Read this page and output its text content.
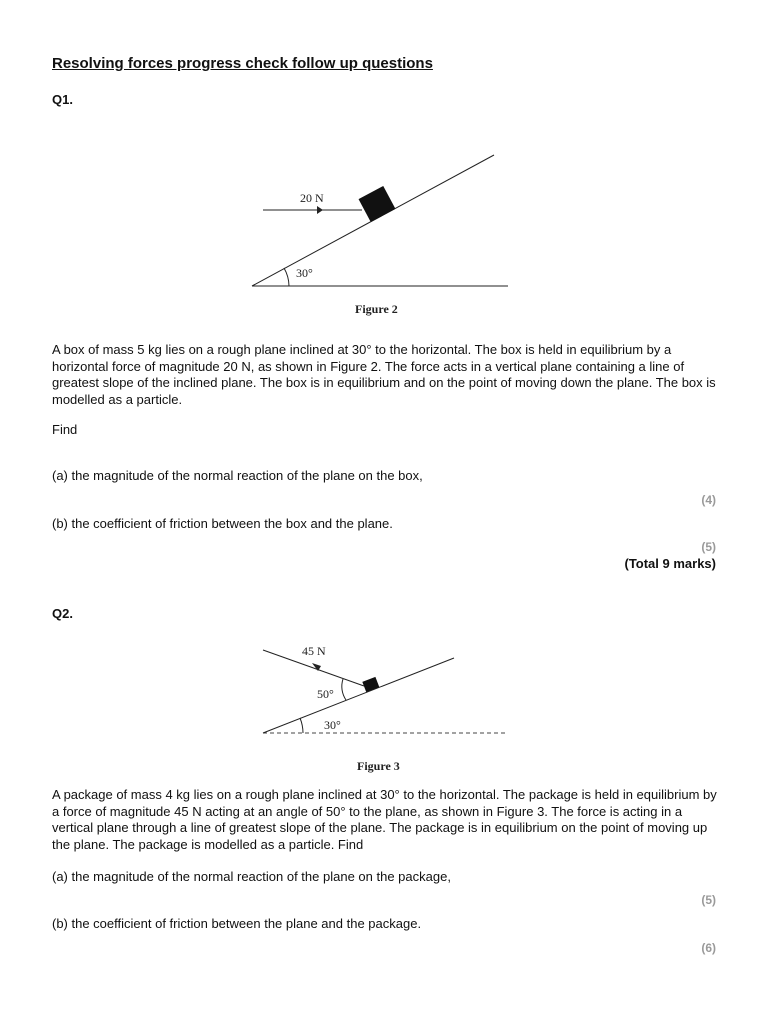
Resolving forces progress check follow up questions
Q1.
30°
20 N
Figure 2
A box of mass 5 kg lies on a rough plane inclined at 30° to the horizontal. The box is held in equilibrium by a horizontal force of magnitude 20 N, as shown in Figure 2. The force acts in a vertical plane containing a line of greatest slope of the inclined plane. The box is in equilibrium and on the point of moving down the plane. The box is modelled as a particle.
Find
(a) the magnitude of the normal reaction of the plane on the box,
(4)
(b) the coefficient of friction between the box and the plane.
(5)
(Total 9 marks)
Q2.
30°
45 N
50°
Figure 3
A package of mass 4 kg lies on a rough plane inclined at 30° to the horizontal. The package is held in equilibrium by a force of magnitude 45 N acting at an angle of 50° to the plane, as shown in Figure 3. The force is acting in a vertical plane through a line of greatest slope of the plane. The package is in equilibrium on the point of moving up the plane. The package is modelled as a particle. Find
(a) the magnitude of the normal reaction of the plane on the package,
(5)
(b) the coefficient of friction between the plane and the package.
(6)
